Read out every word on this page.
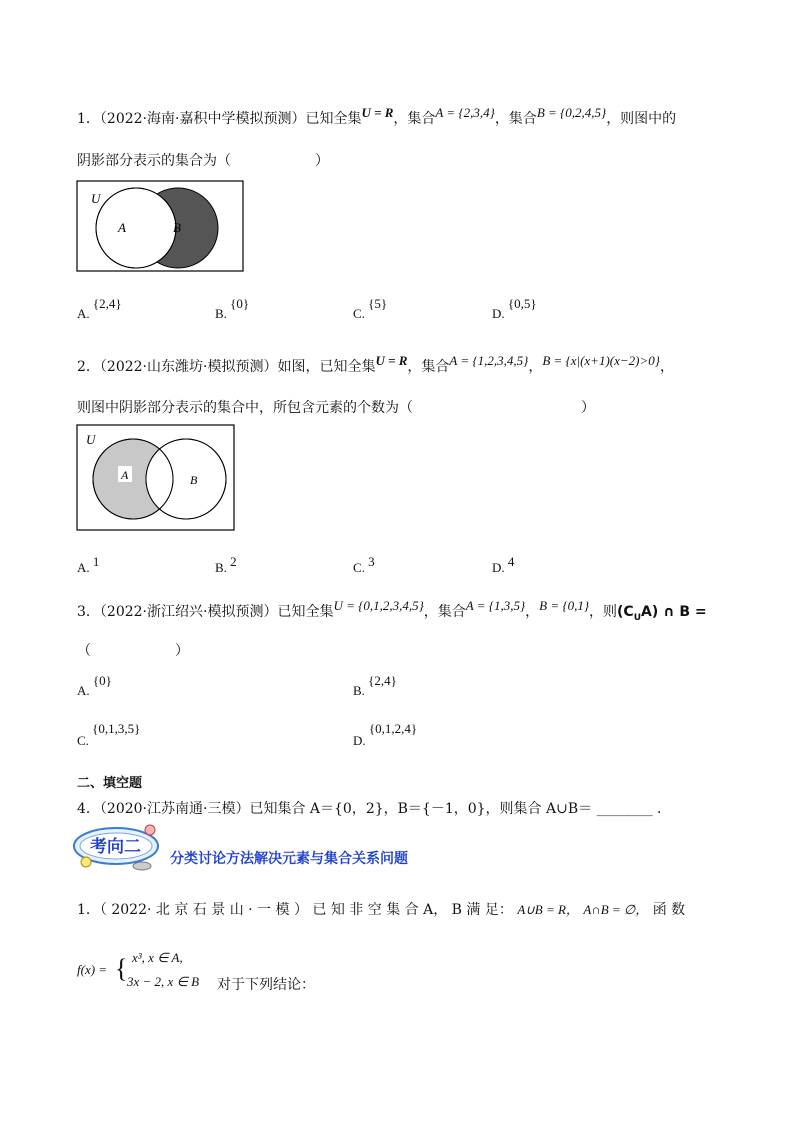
1．（2022·海南·嘉积中学模拟预测）已知全集U = R，集合A = {2,3,4}，集合B = {0,2,4,5}，则图中的
阴影部分表示的集合为（　　　　　　）
U
A	B
A. {2,4}
B. {0}
C. {5}
D. {0,5}
2．（2022·山东潍坊·模拟预测）如图，已知全集U = R，集合A = {1,2,3,4,5}，B = {x|(x+1)(x−2)>0}，
则图中阴影部分表示的集合中，所包含元素的个数为（　　　　　　　　　　　　）
U
A	B
A. 1	B. 2	C. 3	D. 4
3．（2022·浙江绍兴·模拟预测）已知全集U = {0,1,2,3,4,5}，集合A = {1,3,5}，B = {0,1}，则$(C_UA)$ ∩ B =
（　　　　　　）
A. {0}
B. {2,4}
C. {0,1,3,5}
D. {0,1,2,4}
二、填空题
4．（2020·江苏南通·三模）已知集合 A＝{0，2}，B＝{－1，0}，则集合 A∪B＝ ________ ．
考向二
分类讨论方法解决元素与集合关系问题
1．（ 2022· 北 京 石 景 山 · 一 模 ） 已 知 非 空 集 合 A， B 满 足： A∪B = R， A∩B = ∅， 函 数
f(x) = { x³, x ∈ A,
3x − 2, x ∈ B 对于下列结论：
